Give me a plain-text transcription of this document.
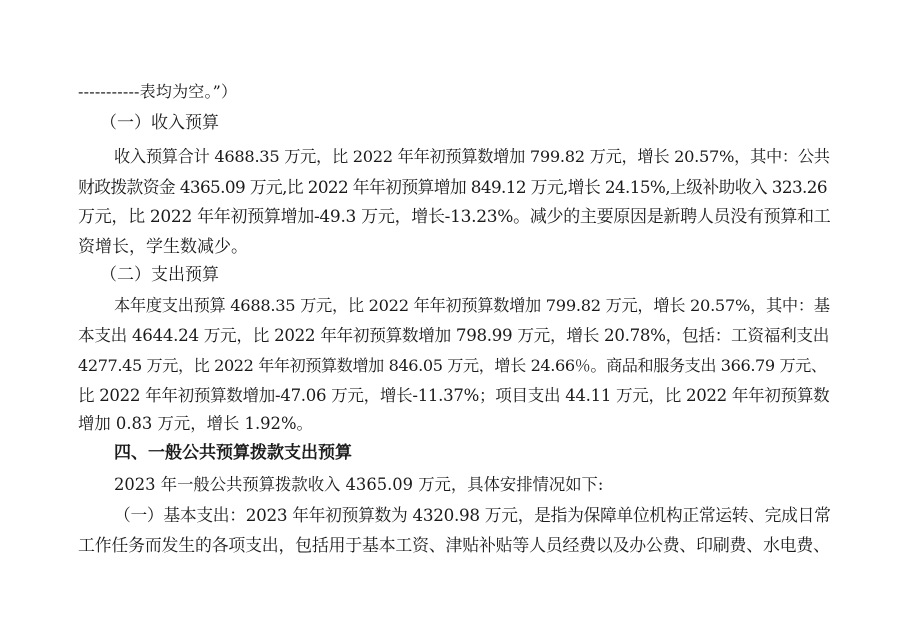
-----------表均为空。”）
（一）收入预算
收入预算合计 4688.35 万元，比 2022 年年初预算数增加 799.82 万元，增长 20.57%，其中：公共
财政拨款资金 4365.09 万元,比 2022 年年初预算增加 849.12 万元,增长 24.15%,上级补助收入 323.26
万元，比 2022 年年初预算增加-49.3 万元，增长-13.23%。减少的主要原因是新聘人员没有预算和工
资增长，学生数减少。
（二）支出预算
本年度支出预算 4688.35 万元，比 2022 年年初预算数增加 799.82 万元，增长 20.57%，其中：基
本支出 4644.24 万元，比 2022 年年初预算数增加 798.99 万元，增长 20.78%，包括：工资福利支出
4277.45 万元，比 2022 年年初预算数增加 846.05 万元，增长 24.66％。商品和服务支出 366.79 万元、
比 2022 年年初预算数增加-47.06 万元，增长-11.37%；项目支出 44.11 万元，比 2022 年年初预算数
增加 0.83 万元，增长 1.92%。
四、一般公共预算拨款支出预算
2023 年一般公共预算拨款收入 4365.09 万元，具体安排情况如下:
（一）基本支出：2023 年年初预算数为 4320.98 万元，是指为保障单位机构正常运转、完成日常
工作任务而发生的各项支出，包括用于基本工资、津贴补贴等人员经费以及办公费、印刷费、水电费、
